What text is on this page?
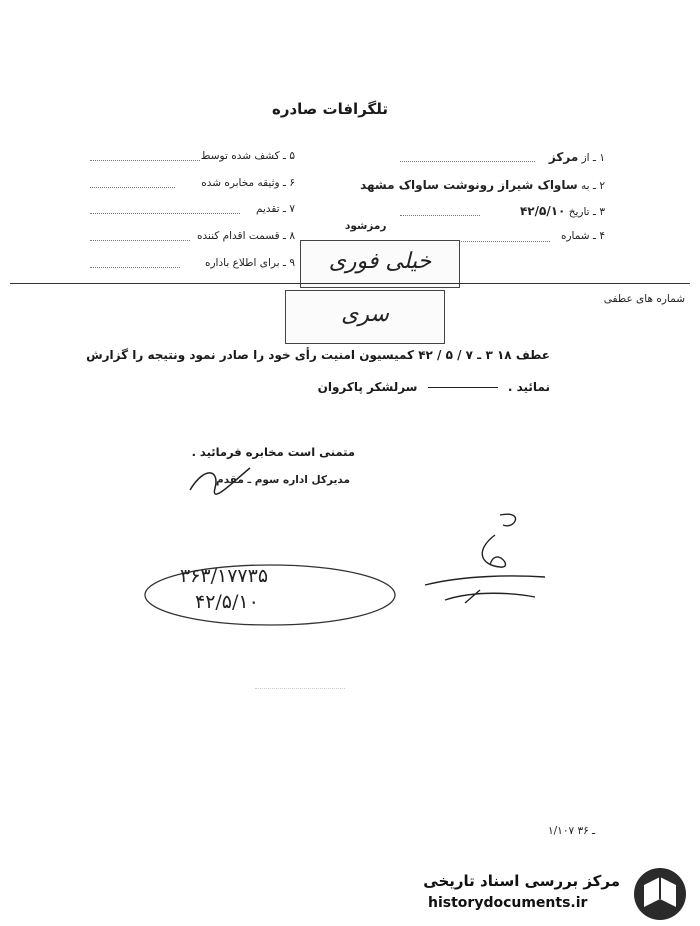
تلگرافات صادره
۱ ـ از مرکز
۲ ـ به ساواک شیراز رونوشت ساواک مشهد
۳ ـ تاریخ ۴۲/۵/۱۰
۴ ـ شماره
۵ ـ کشف شده توسط
۶ ـ وثیقه مخابره شده
۷ ـ تقدیم
۸ ـ قسمت اقدام کننده
۹ ـ برای اطلاع باداره
رمزشود
خیلی فوری
شماره های عطفی
سری
عطف ۱۸ ۳ ـ ۷ / ۵ / ۴۲ کمیسیون امنیت رأی خود را صادر نمود ونتیجه را گزارش
نمائید .  سرلشکر پاکروان
متمنی است مخابره فرمائید .
مدیرکل اداره سوم ـ مقدم
۳۶۳/۱۷۷۳۵
۴۲/۵/۱۰
۱/۱۰۷ ـ ۳۶
مرکز بررسی اسناد تاریخی
historydocuments.ir
